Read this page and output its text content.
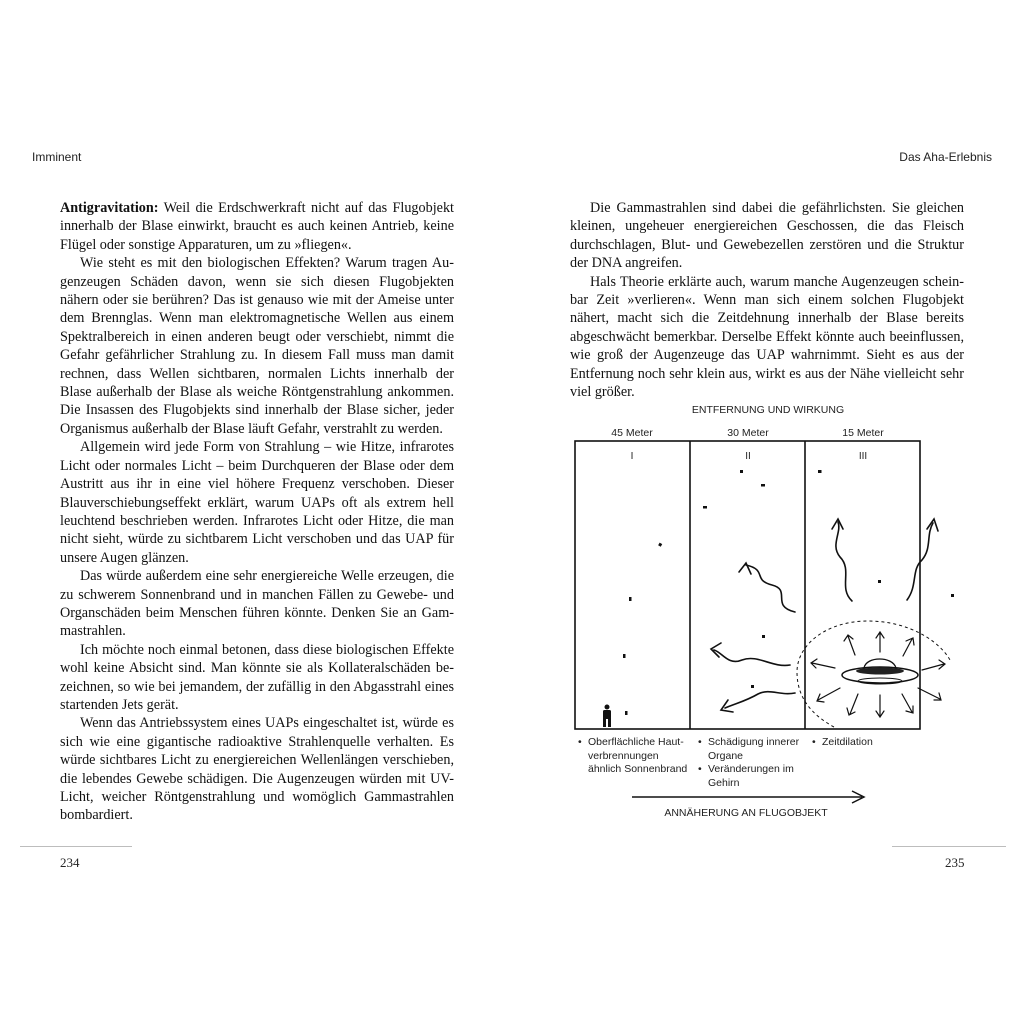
Imminent

Antigravitation: Weil die Erdschwerkraft nicht auf das Flugobjekt innerhalb der Blase einwirkt, braucht es auch keinen Antrieb, keine Flügel oder sonstige Apparaturen, um zu »fliegen«.

Wie steht es mit den biologischen Effekten? Warum tragen Augenzeugen Schäden davon, wenn sie sich diesen Flugobjekten nähern oder sie berühren? Das ist genauso wie mit der Ameise unter dem Brennglas. Wenn man elektromagnetische Wellen aus einem Spektralbereich in einen anderen beugt oder verschiebt, nimmt die Gefahr gefährlicher Strahlung zu. In diesem Fall muss man damit rechnen, dass Wellen sichtbaren, normalen Lichts innerhalb der Blase außerhalb der Blase als weiche Röntgenstrahlung ankommen. Die Insassen des Flugobjekts sind innerhalb der Blase sicher, jeder Organismus außerhalb der Blase läuft Gefahr, verstrahlt zu werden.

Allgemein wird jede Form von Strahlung – wie Hitze, infrarotes Licht oder normales Licht – beim Durchqueren der Blase oder dem Austritt aus ihr in eine viel höhere Frequenz verschoben. Dieser Blauverschiebungseffekt erklärt, warum UAPs oft als extrem hell leuchtend beschrieben werden. Infrarotes Licht oder Hitze, die man nicht sieht, würde zu sichtbarem Licht verschoben und das UAP für unsere Augen glänzen.

Das würde außerdem eine sehr energiereiche Welle erzeugen, die zu schwerem Sonnenbrand und in manchen Fällen zu Gewebe- und Organschäden beim Menschen führen könnte. Denken Sie an Gammastrahlen.

Ich möchte noch einmal betonen, dass diese biologischen Effekte wohl keine Absicht sind. Man könnte sie als Kollateralschäden bezeichnen, so wie bei jemandem, der zufällig in den Abgasstrahl eines startenden Jets gerät.

Wenn das Antriebssystem eines UAPs eingeschaltet ist, würde es sich wie eine gigantische radioaktive Strahlenquelle verhalten. Es würde sichtbares Licht zu energiereichen Wellenlängen verschieben, die lebendes Gewebe schädigen. Die Augenzeugen würden mit UV-Licht, weicher Röntgenstrahlung und womöglich Gammastrahlen bombardiert.

234
Das Aha-Erlebnis

Die Gammastrahlen sind dabei die gefährlichsten. Sie gleichen kleinen, ungeheuer energiereichen Geschossen, die das Fleisch durchschlagen, Blut- und Gewebezellen zerstören und die Struktur der DNA angreifen.

Hals Theorie erklärte auch, warum manche Augenzeugen scheinbar Zeit »verlieren«. Wenn man sich einem solchen Flugobjekt nähert, macht sich die Zeitdehnung innerhalb der Blase bereits abgeschwächt bemerkbar. Derselbe Effekt könnte auch beeinflussen, wie groß der Augenzeuge das UAP wahrnimmt. Sieht es aus der Entfernung noch sehr klein aus, wirkt es aus der Nähe vielleicht sehr viel größer.

ENTFERNUNG UND WIRKUNG
45 Meter	30 Meter	15 Meter
I	II	III
ANNÄHERUNG AN FLUGOBJEKT
• Oberflächliche Haut-
verbrennungen
ähnlich Sonnenbrand
• Schädigung innerer
Organe
• Veränderungen im
Gehirn
• Zeitdilation
235
